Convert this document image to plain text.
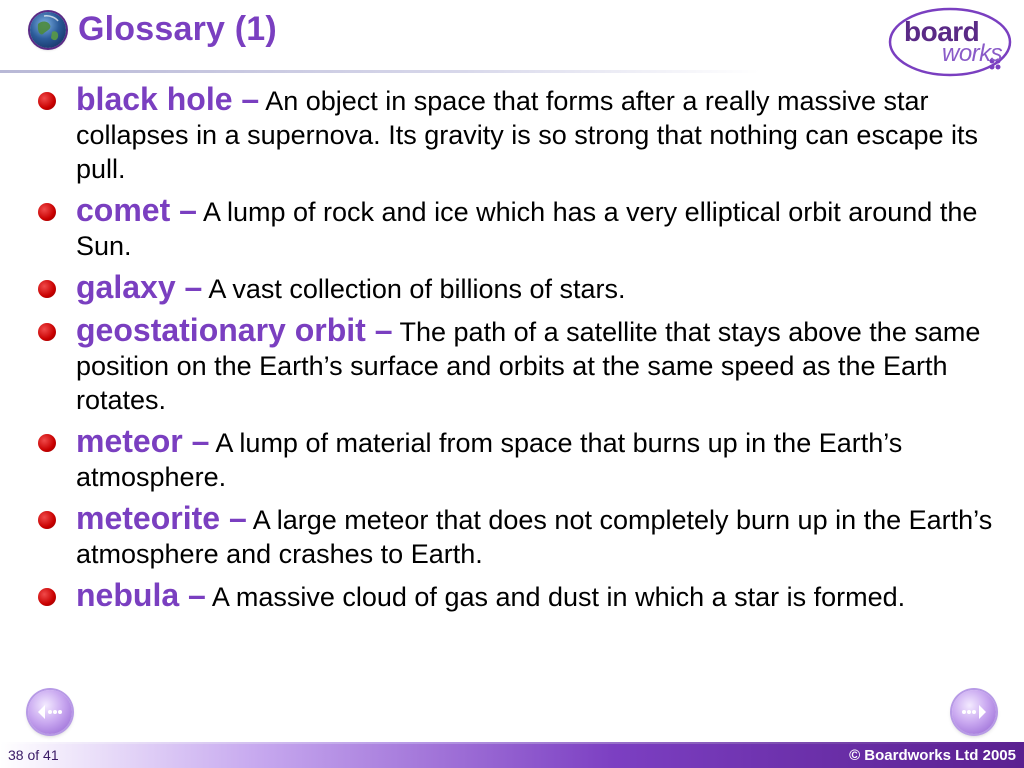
Glossary (1)	board
works
black hole – An object in space that forms after a really massive star collapses in a supernova. Its gravity is so strong that nothing can escape its pull.
comet – A lump of rock and ice which has a very elliptical orbit around the Sun.
galaxy – A vast collection of billions of stars.
geostationary orbit – The path of a satellite that stays above the same position on the Earth’s surface and orbits at the same speed as the Earth rotates.
meteor – A lump of material from space that burns up in the Earth’s atmosphere.
meteorite – A large meteor that does not completely burn up in the Earth’s atmosphere and crashes to Earth.
nebula – A massive cloud of gas and dust in which a star is formed.
38 of 41	© Boardworks Ltd 2005
